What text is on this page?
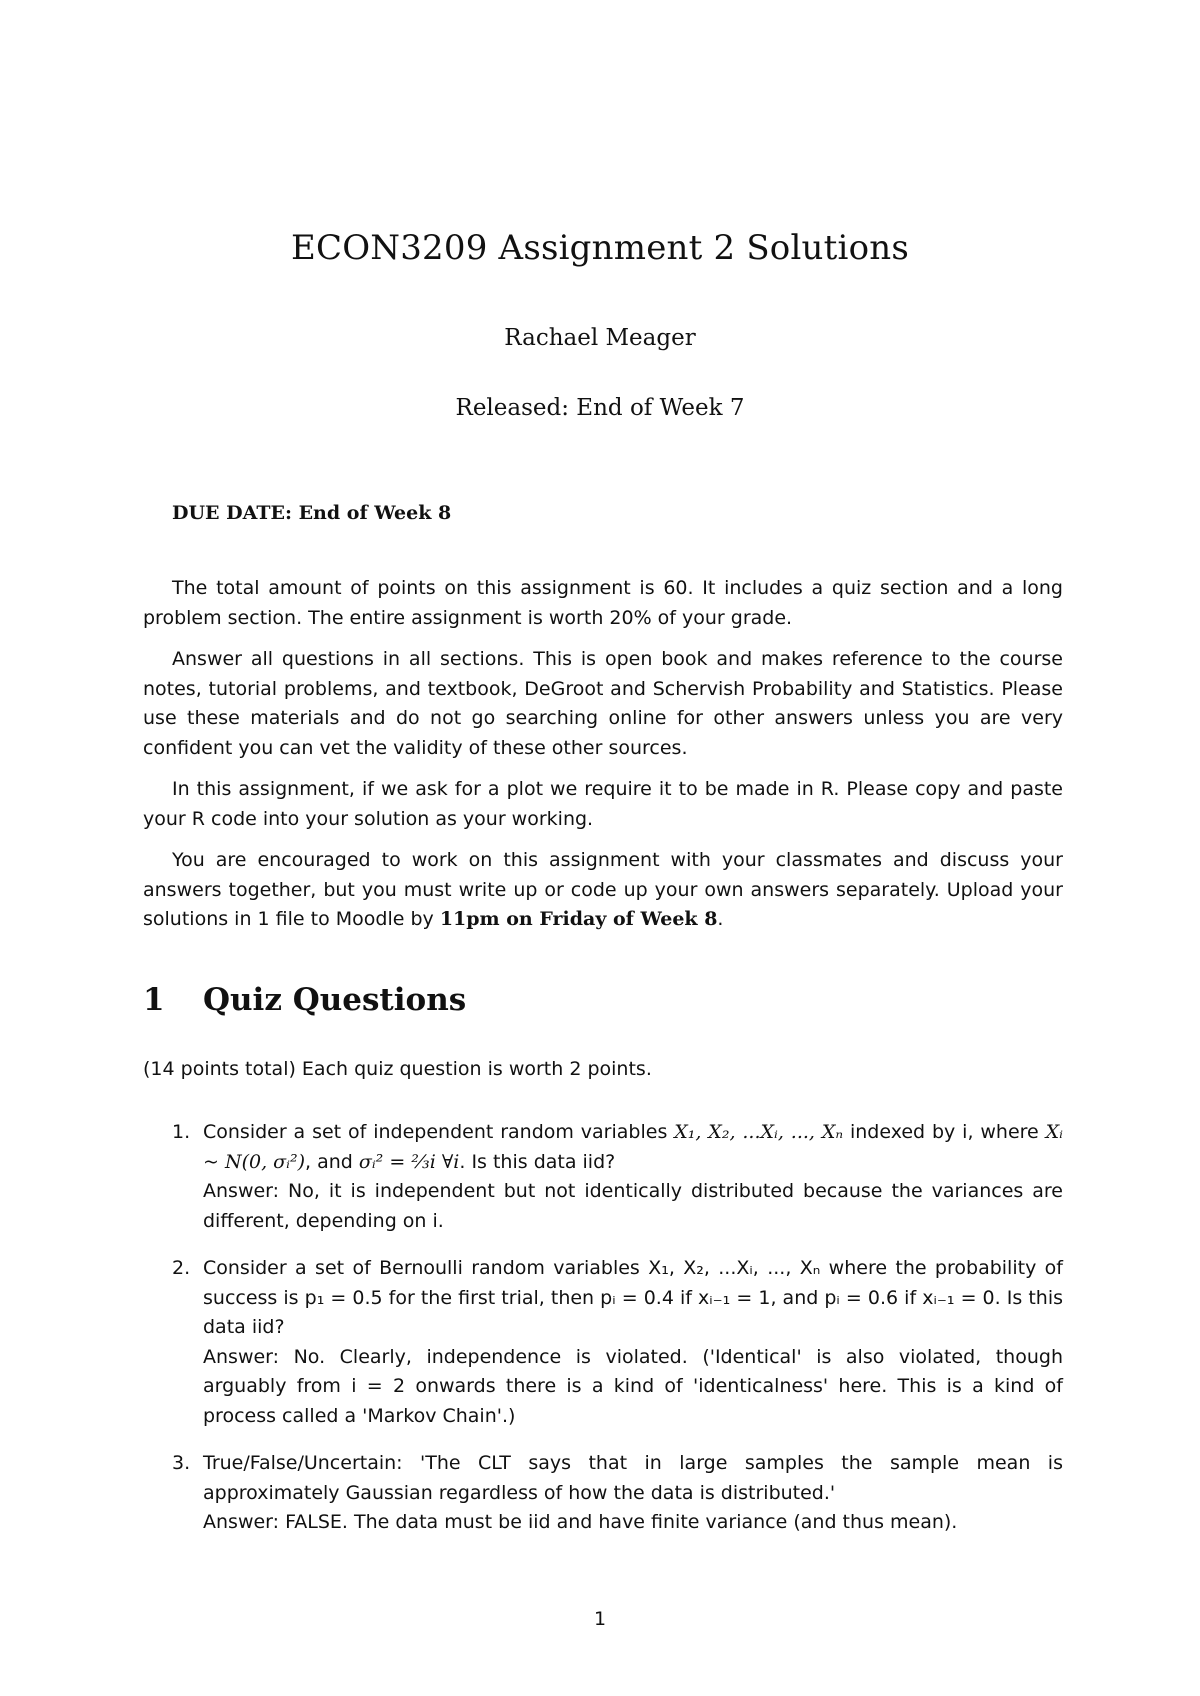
ECON3209 Assignment 2 Solutions
Rachael Meager
Released: End of Week 7
DUE DATE: End of Week 8

The total amount of points on this assignment is 60. It includes a quiz section and a long problem section. The entire assignment is worth 20% of your grade.

Answer all questions in all sections. This is open book and makes reference to the course notes, tutorial problems, and textbook, DeGroot and Schervish Probability and Statistics. Please use these materials and do not go searching online for other answers unless you are very confident you can vet the validity of these other sources.

In this assignment, if we ask for a plot we require it to be made in R. Please copy and paste your R code into your solution as your working.

You are encouraged to work on this assignment with your classmates and discuss your answers together, but you must write up or code up your own answers separately. Upload your solutions in 1 file to Moodle by 11pm on Friday of Week 8.

1 Quiz Questions
(14 points total) Each quiz question is worth 2 points.
1. Consider a set of independent random variables X₁, X₂, ...Xᵢ, ..., Xₙ indexed by i, where Xᵢ ~ N(0, σᵢ²), and σᵢ² = ⅔i ∀i. Is this data iid?
Answer: No, it is independent but not identically distributed because the variances are different, depending on i.
2. Consider a set of Bernoulli random variables X₁, X₂, ...Xᵢ, ..., Xₙ where the probability of success is p₁ = 0.5 for the first trial, then pᵢ = 0.4 if xᵢ₋₁ = 1, and pᵢ = 0.6 if xᵢ₋₁ = 0. Is this data iid?
Answer: No. Clearly, independence is violated. ('Identical' is also violated, though arguably from i = 2 onwards there is a kind of 'identicalness' here. This is a kind of process called a 'Markov Chain'.)
3. True/False/Uncertain: 'The CLT says that in large samples the sample mean is approximately Gaussian regardless of how the data is distributed.'
Answer: FALSE. The data must be iid and have finite variance (and thus mean).
1
